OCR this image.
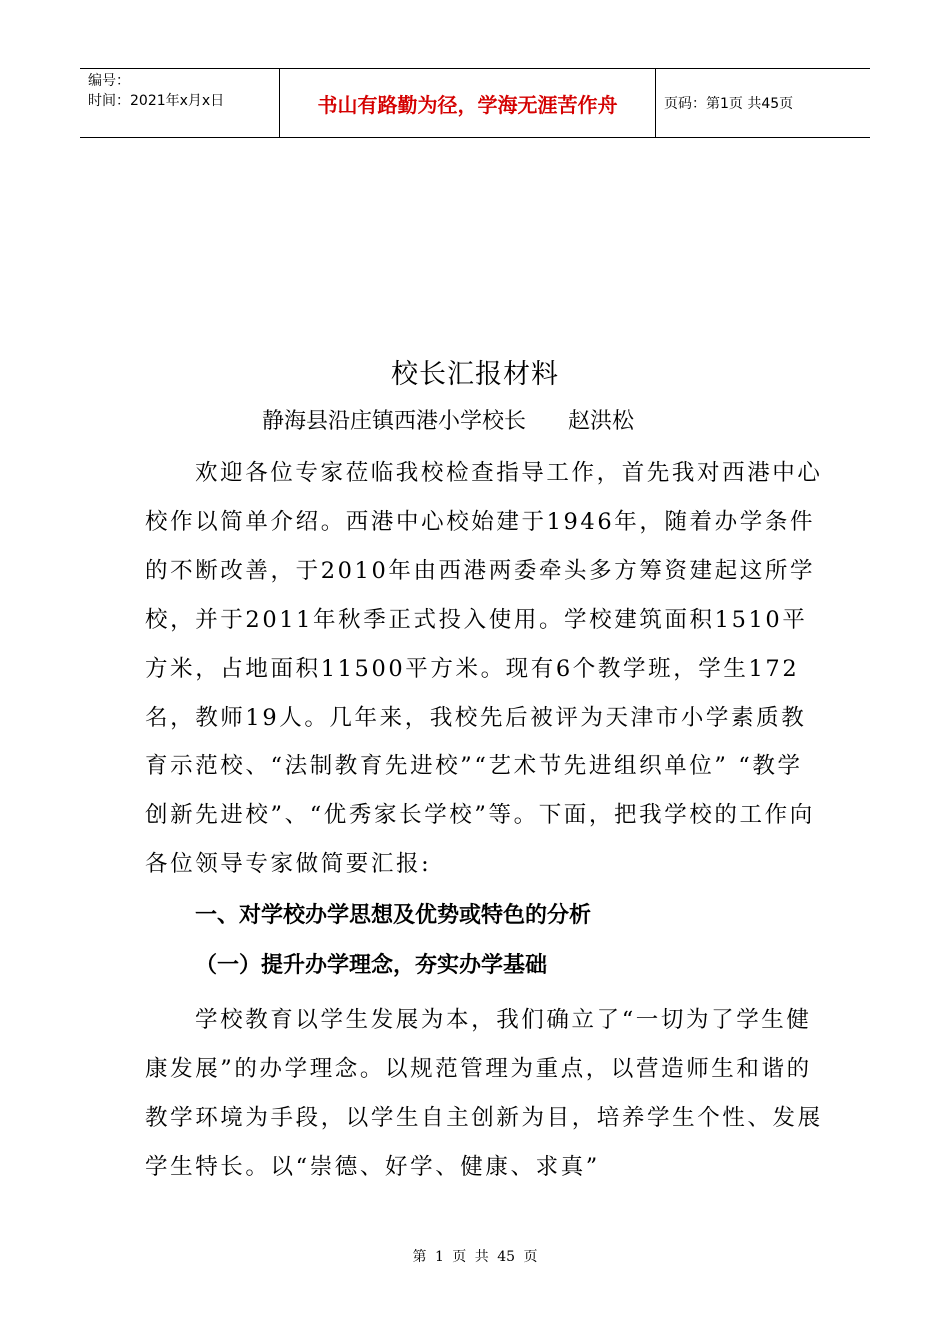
编号：
时间：2021年x月x日	书山有路勤为径，学海无涯苦作舟	页码：第1页 共45页
校长汇报材料
静海县沿庄镇西港小学校长      赵洪松

欢迎各位专家莅临我校检查指导工作，首先我对西港中心校作以简单介绍。西港中心校始建于1946年，随着办学条件的不断改善，于2010年由西港两委牵头多方筹资建起这所学校，并于2011年秋季正式投入使用。学校建筑面积1510平方米，占地面积11500平方米。现有6个教学班，学生172名，教师19人。几年来，我校先后被评为天津市小学素质教育示范校、“法制教育先进校”“艺术节先进组织单位” “教学创新先进校”、“优秀家长学校”等。下面，把我学校的工作向各位领导专家做简要汇报:

一、对学校办学思想及优势或特色的分析
（一）提升办学理念，夯实办学基础

学校教育以学生发展为本，我们确立了“一切为了学生健康发展”的办学理念。以规范管理为重点，以营造师生和谐的教学环境为手段，以学生自主创新为目，培养学生个性、发展学生特长。以“崇德、好学、健康、求真”

第 1 页 共 45 页
